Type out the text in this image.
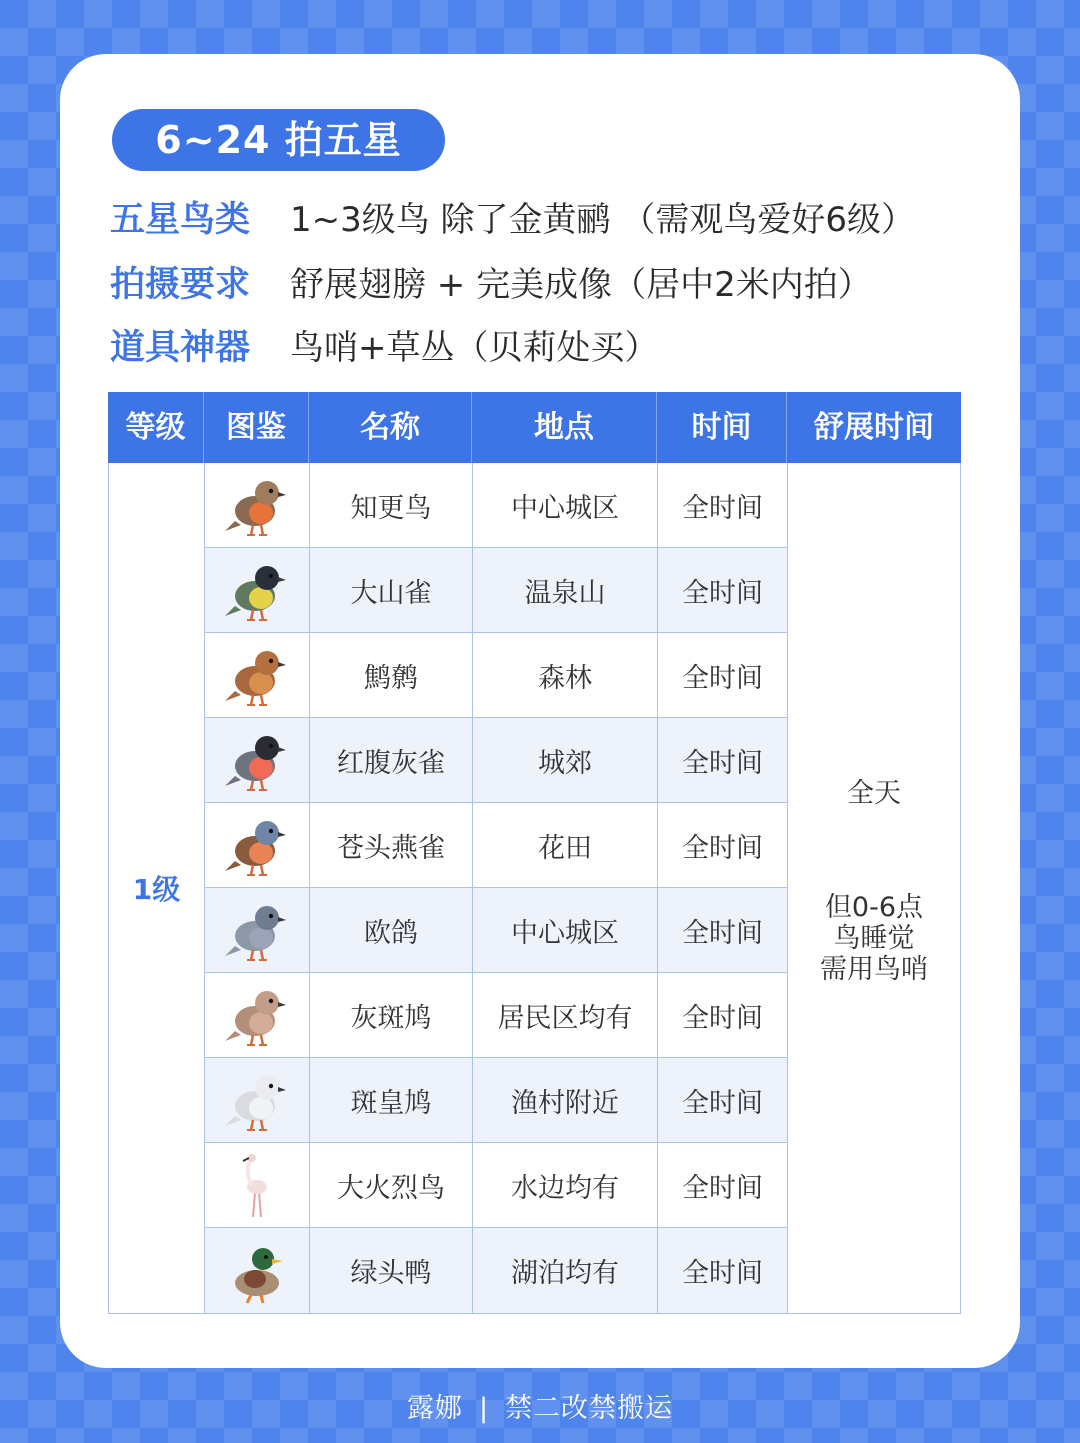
6~24 拍五星
五星鸟类 1~3级鸟 除了金黄鹂 （需观鸟爱好6级）
拍摄要求 舒展翅膀 + 完美成像（居中2米内拍）
道具神器 鸟哨+草丛（贝莉处买）
等级	图鉴	名称	地点	时间	舒展时间
1级
知更鸟	中心城区	全时间
大山雀	温泉山	全时间
鹪鹩	森林	全时间
红腹灰雀	城郊	全时间
苍头燕雀	花田	全时间
欧鸽	中心城区	全时间
灰斑鸠	居民区均有	全时间
斑皇鸠	渔村附近	全时间
大火烈鸟	水边均有	全时间
绿头鸭	湖泊均有	全时间
全天
但0-6点
鸟睡觉
需用鸟哨
露娜 | 禁二改禁搬运
